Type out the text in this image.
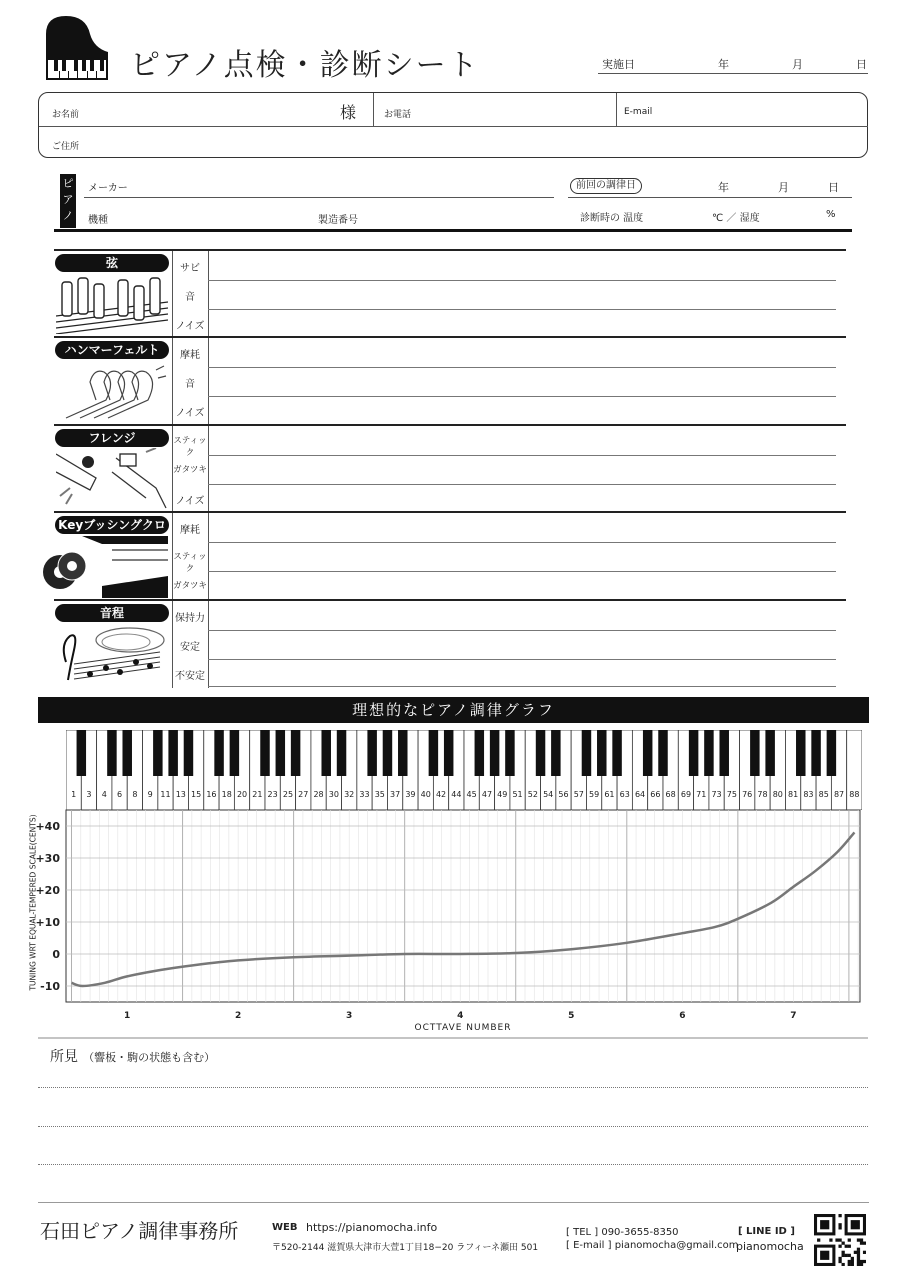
ピアノ点検・診断シート	実施日	年	月	日
お名前	様	お電話	E-mail
ご住所
ピ
ア
ノ
メーカー
機種	製造番号
前回の調律日	年	月	日
診断時の 温度	℃ ／ 湿度	%
弦	サビ
音
ノイズ
ハンマーフェルト	摩耗
音
ノイズ
フレンジ	スティック
ガタツキ
ノイズ
Keyブッシングクロ	摩耗
スティック
ガタツキ
音程	保持力
安定
不安定
理想的なピアノ調律グラフ
1 3 4 6 8 9 11 13 15 16 18 20 21 23 25 27 28 30 32 33 35 37 39 40 42 44 45 47 49 51 52 54 56 57 59 61 63 64 66 68 69 71 73 75 76 78 80 81 83 85 87 88
+40
+30
+20
+10
0
-10
1	2	3	4	5	6	7
OCTTAVE NUMBER
TUNING WRT EQUAL-TEMPERED SCALE(CENTS)
所見 （響板・駒の状態も含む）
石田ピアノ調律事務所	WEB https://pianomocha.info
〒520-2144 滋賀県大津市大萱1丁目18−20 ラフィーネ瀬田 501
[ TEL ] 090-3655-8350
[ E-mail ] pianomocha@gmail.com
[ LINE ID ]
pianomocha
